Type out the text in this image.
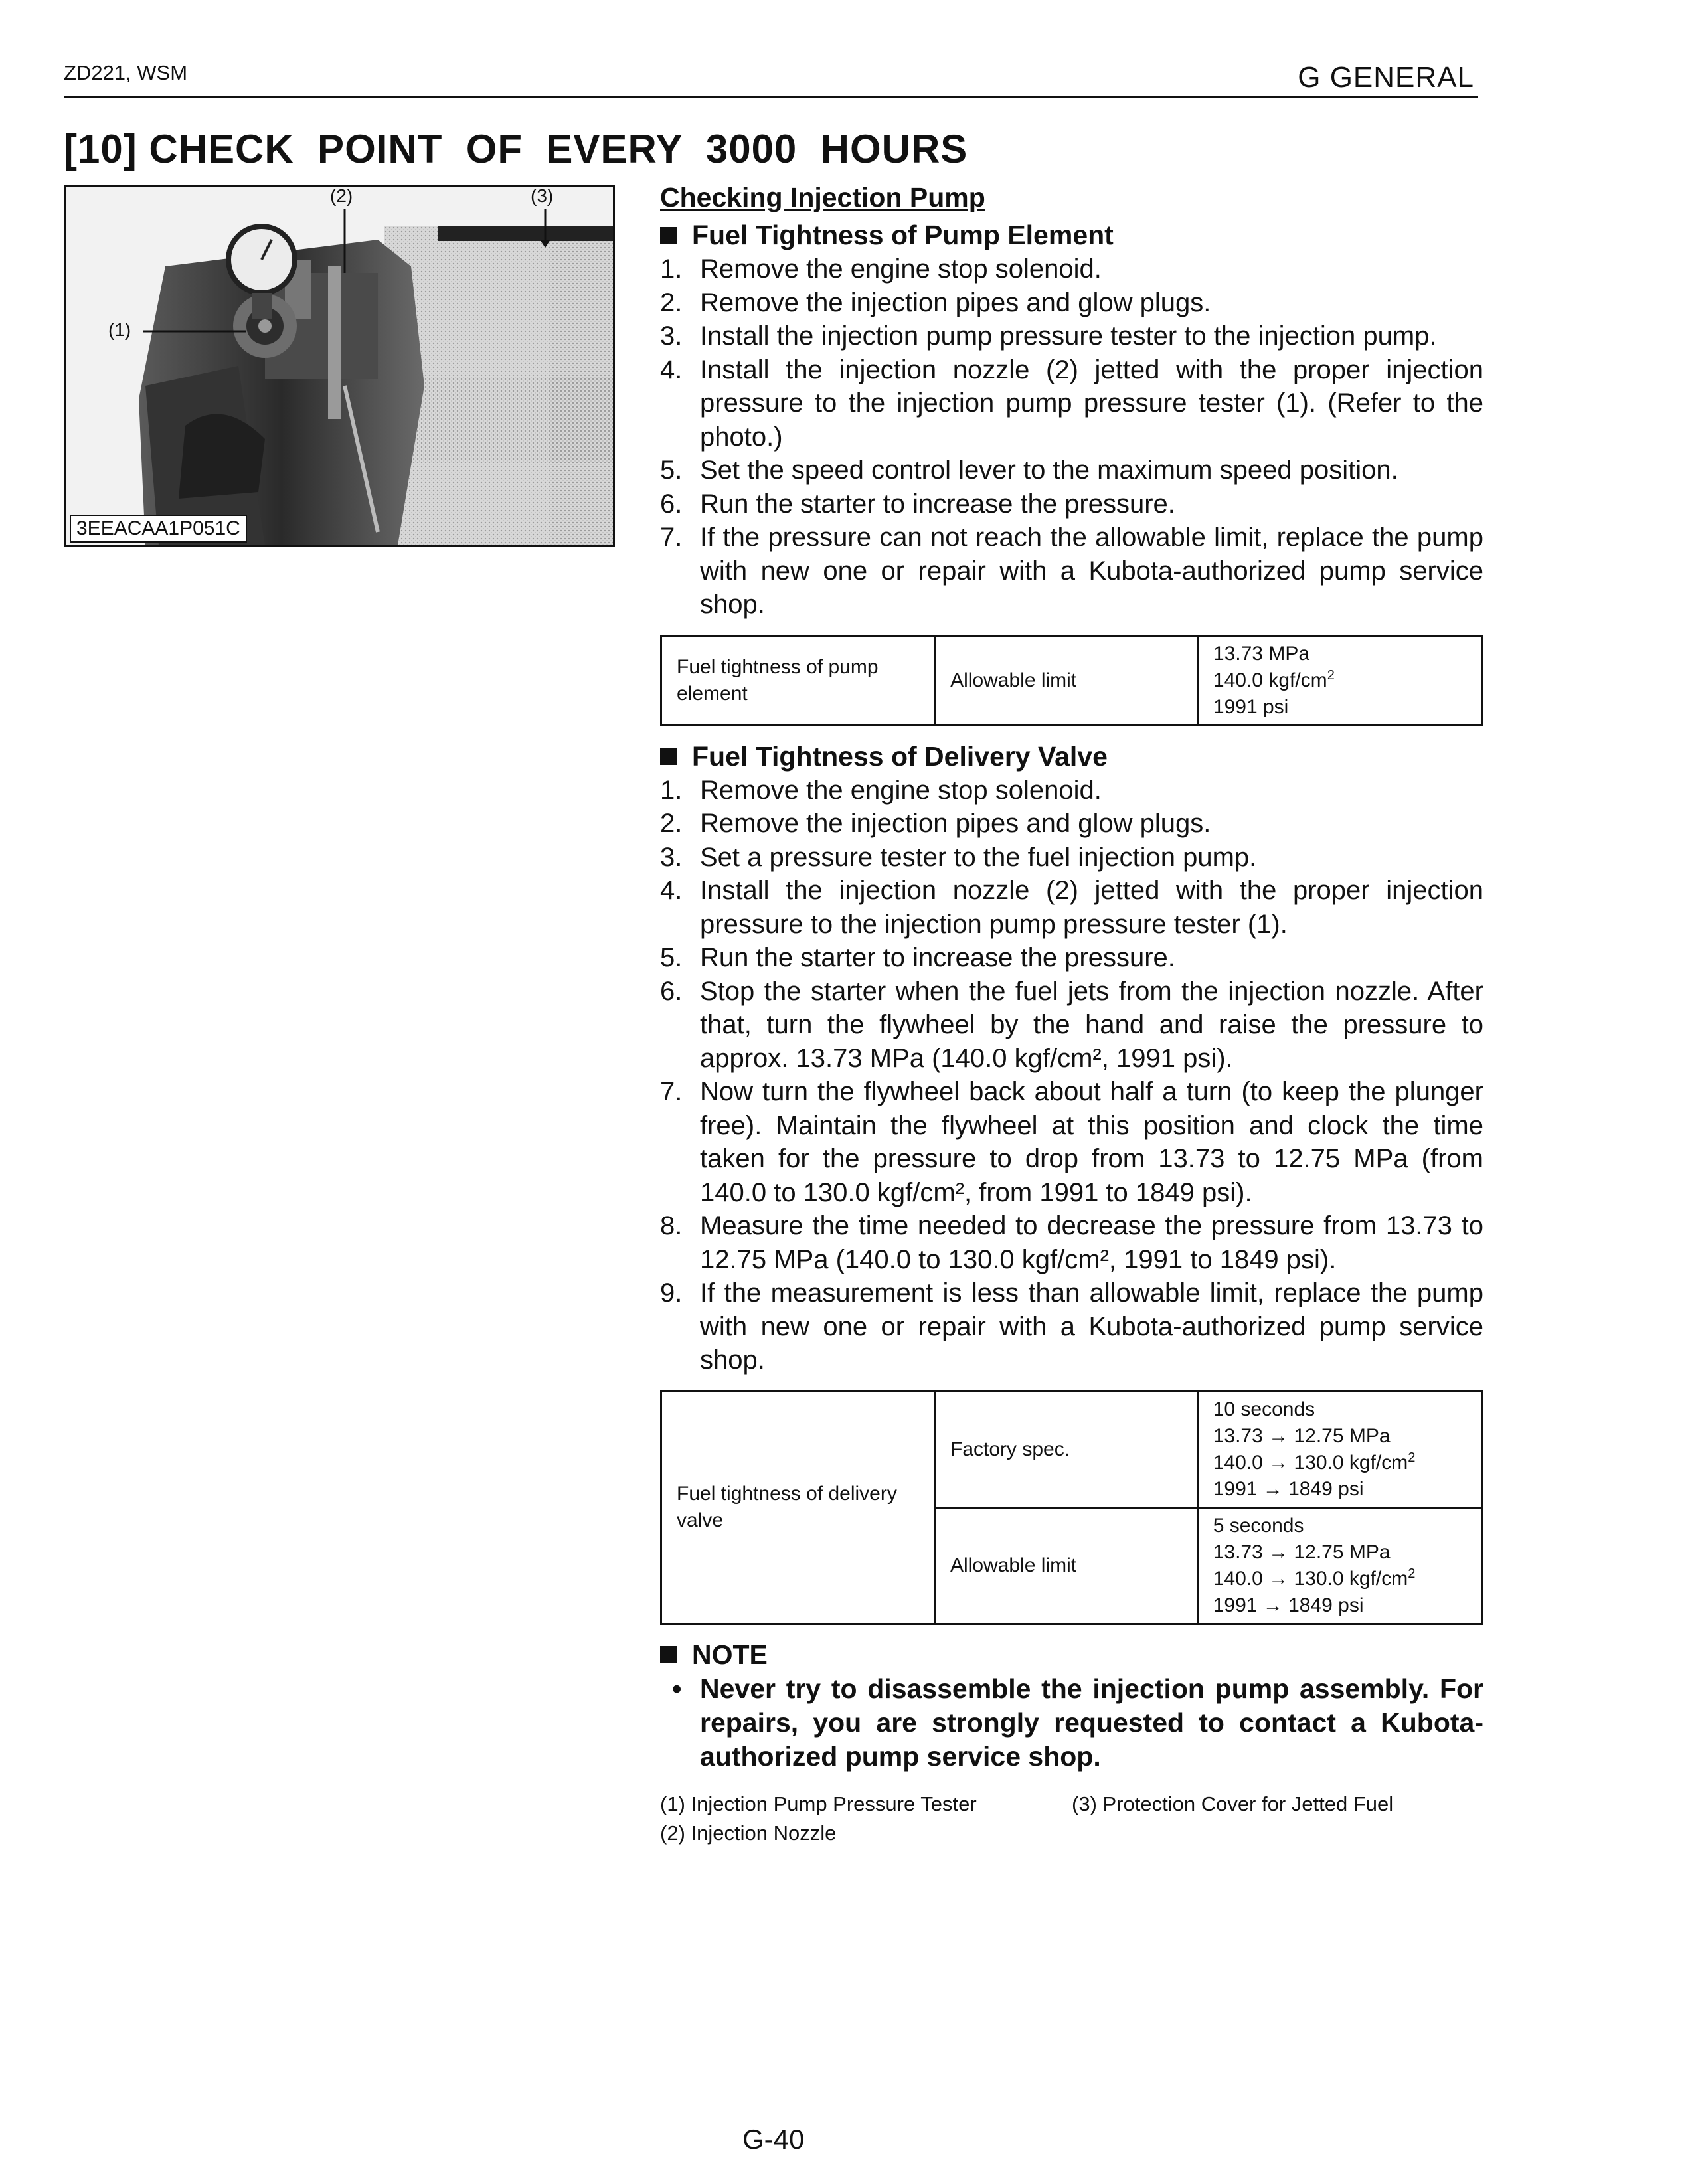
ZD221, WSM	G GENERAL
[10] CHECK  POINT  OF  EVERY  3000  HOURS
(2)	(3)
(1)
3EEACAA1P051C
Checking Injection Pump
Fuel Tightness of Pump Element
1. Remove the engine stop solenoid.
2. Remove the injection pipes and glow plugs.
3. Install the injection pump pressure tester to the injection pump.
4. Install the injection nozzle (2) jetted with the proper injection pressure to the injection pump pressure tester (1). (Refer to the photo.)
5. Set the speed control lever to the maximum speed position.
6. Run the starter to increase the pressure.
7. If the pressure can not reach the allowable limit, replace the pump with new one or repair with a Kubota-authorized pump service shop.
Fuel tightness of pump element	Allowable limit	
13.73 MPa
140.0 kgf/$cm^2$
1991 psi
Fuel Tightness of Delivery Valve
1. Remove the engine stop solenoid.
2. Remove the injection pipes and glow plugs.
3. Set a pressure tester to the fuel injection pump.
4. Install the injection nozzle (2) jetted with the proper injection pressure to the injection pump pressure tester (1).
5. Run the starter to increase the pressure.
6. Stop the starter when the fuel jets from the injection nozzle. After that, turn the flywheel by the hand and raise the pressure to approx. 13.73 MPa (140.0 kgf/cm², 1991 psi).
7. Now turn the flywheel back about half a turn (to keep the plunger free). Maintain the flywheel at this position and clock the time taken for the pressure to drop from 13.73 to 12.75 MPa (from 140.0 to 130.0 kgf/cm², from 1991 to 1849 psi).
8. Measure the time needed to decrease the pressure from 13.73 to 12.75 MPa (140.0 to 130.0 kgf/cm², 1991 to 1849 psi).
9. If the measurement is less than allowable limit, replace the pump with new one or repair with a Kubota-authorized pump service shop.
Fuel tightness of delivery valve	Factory spec.	10 seconds
13.73 → 12.75 MPa
140.0 → 130.0 kgf/$cm^2$
1991 → 1849 psi

	Allowable limit	5 seconds
13.73 → 12.75 MPa
140.0 → 130.0 kgf/$cm^2$
1991 → 1849 psi
NOTE
• Never try to disassemble the injection pump assembly. For repairs, you are strongly requested to contact a Kubota-authorized pump service shop.
(1) Injection Pump Pressure Tester	(3) Protection Cover for Jetted Fuel
(2) Injection Nozzle
G-40
